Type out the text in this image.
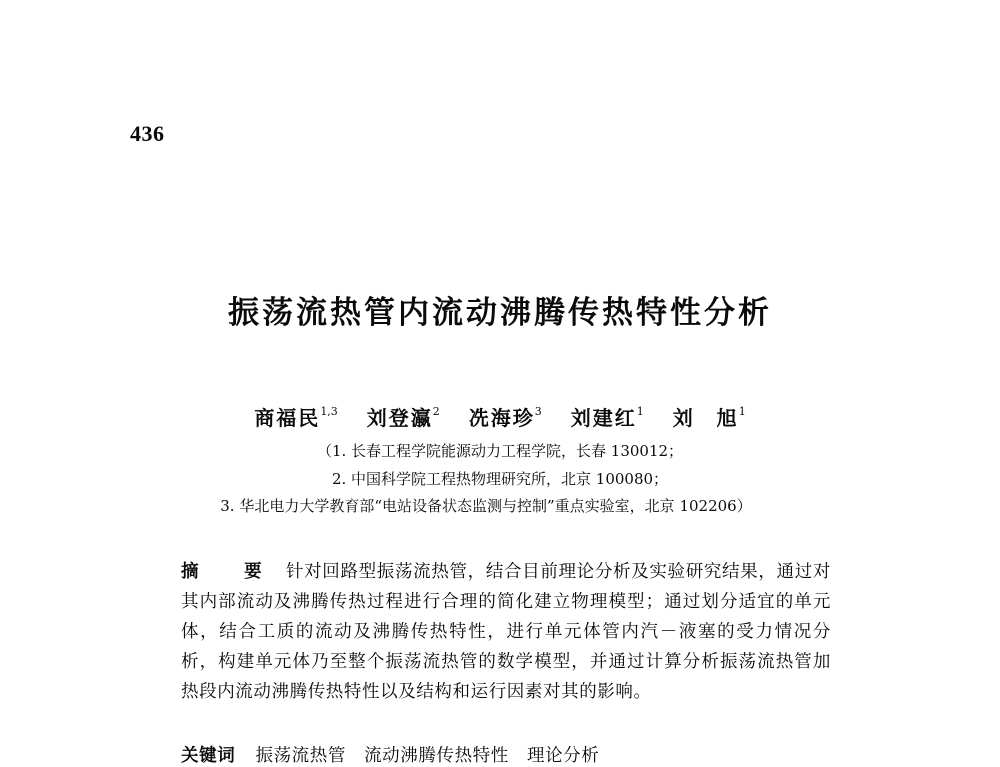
436
振荡流热管内流动沸腾传热特性分析
商福民$^{1,3}$ 刘登瀛$^2$ 冼海珍$^3$ 刘建红$^1$ 刘　旭$^1$
（1. 长春工程学院能源动力工程学院，长春 130012；
2. 中国科学院工程热物理研究所，北京 100080；
3. 华北电力大学教育部“电站设备状态监测与控制”重点实验室，北京 102206）
摘　要 针对回路型振荡流热管，结合目前理论分析及实验研究结果，通过对其内部流动及沸腾传热过程进行合理的简化建立物理模型；通过划分适宜的单元体，结合工质的流动及沸腾传热特性，进行单元体管内汽－液塞的受力情况分析，构建单元体乃至整个振荡流热管的数学模型，并通过计算分析振荡流热管加热段内流动沸腾传热特性以及结构和运行因素对其的影响。
关键词 振荡流热管　流动沸腾传热特性　理论分析
